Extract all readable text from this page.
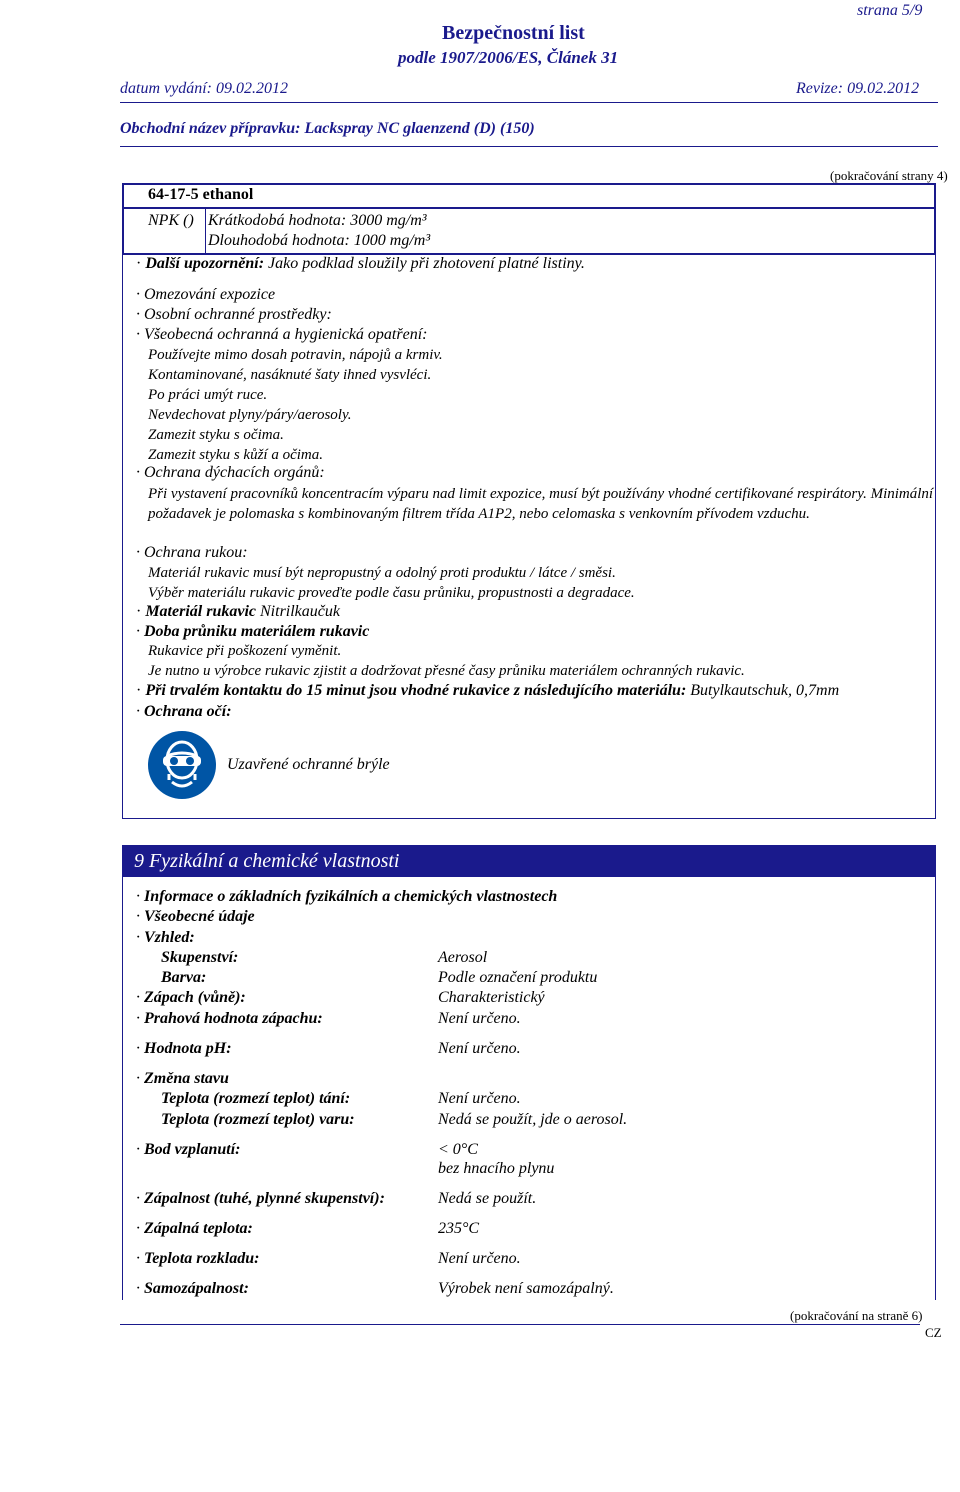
strana 5/9
Bezpečnostní list
podle 1907/2006/ES, Článek 31
datum vydání: 09.02.2012	Revize: 09.02.2012
Obchodní název přípravku: Lackspray NC glaenzend (D) (150)
(pokračování strany 4)
64-17-5 ethanol
NPK () Krátkodobá hodnota: 3000 mg/m³
Dlouhodobá hodnota: 1000 mg/m³
· Další upozornění: Jako podklad sloužily při zhotovení platné listiny.
· Omezování expozice
· Osobní ochranné prostředky:
· Všeobecná ochranná a hygienická opatření:
Používejte mimo dosah potravin, nápojů a krmiv.
Kontaminované, nasáknuté šaty ihned vysvléci.
Po práci umýt ruce.
Nevdechovat plyny/páry/aerosoly.
Zamezit styku s očima.
Zamezit styku s kůží a očima.
· Ochrana dýchacích orgánů:
Při vystavení pracovníků koncentracím výparu nad limit expozice, musí být používány vhodné certifikované respirátory. Minimální požadavek je polomaska s kombinovaným filtrem třída A1P2, nebo celomaska s venkovním přívodem vzduchu.
· Ochrana rukou:
Materiál rukavic musí být nepropustný a odolný proti produktu / látce / směsi.
Výběr materiálu rukavic proveďte podle času průniku, propustnosti a degradace.
· Materiál rukavic Nitrilkaučuk
· Doba průniku materiálem rukavic
Rukavice při poškození vyměnit.
Je nutno u výrobce rukavic zjistit a dodržovat přesné časy průniku materiálem ochranných rukavic.
· Při trvalém kontaktu do 15 minut jsou vhodné rukavice z následujícího materiálu: Butylkautschuk, 0,7mm
· Ochrana očí:
Uzavřené ochranné brýle
9 Fyzikální a chemické vlastnosti
· Informace o základních fyzikálních a chemických vlastnostech
· Všeobecné údaje
· Vzhled:
Skupenství:	Aerosol
Barva:	Podle označení produktu
· Zápach (vůně):	Charakteristický
· Prahová hodnota zápachu:	Není určeno.
· Hodnota pH:	Není určeno.
· Změna stavu
Teplota (rozmezí teplot) tání:	Není určeno.
Teplota (rozmezí teplot) varu:	Nedá se použít, jde o aerosol.
· Bod vzplanutí:	< 0°C
bez hnacího plynu
· Zápalnost (tuhé, plynné skupenství):	Nedá se použít.
· Zápalná teplota:	235°C
· Teplota rozkladu:	Není určeno.
· Samozápalnost:	Výrobek není samozápalný.
(pokračování na straně 6)
CZ
